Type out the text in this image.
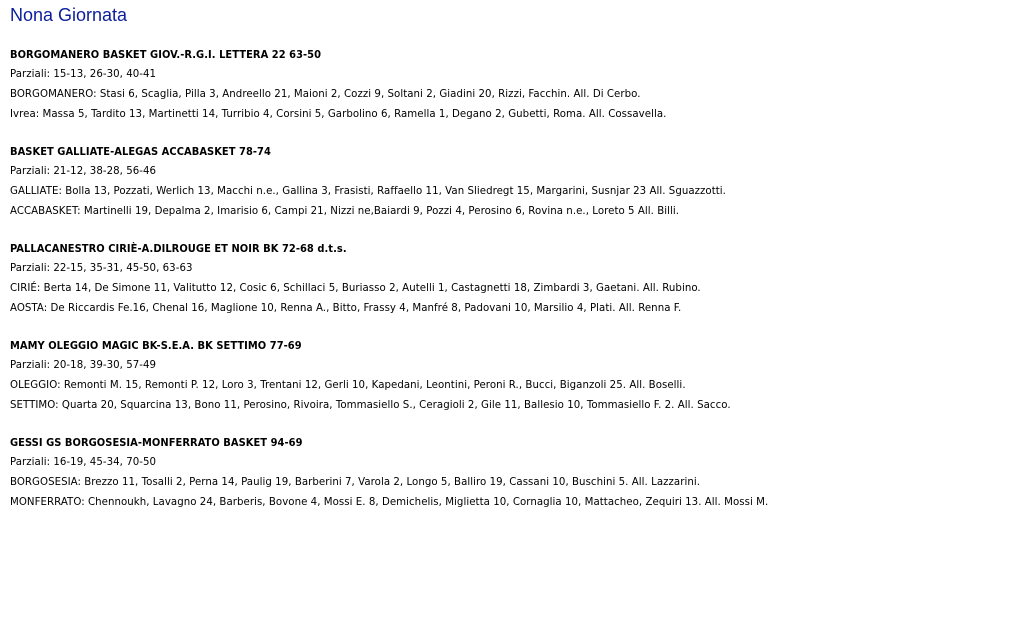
Nona Giornata
BORGOMANERO BASKET GIOV.-R.G.I. LETTERA 22 63-50
Parziali: 15-13, 26-30, 40-41
BORGOMANERO: Stasi 6, Scaglia, Pilla 3, Andreello 21, Maioni 2, Cozzi 9, Soltani 2, Giadini 20, Rizzi, Facchin. All. Di Cerbo.
Ivrea: Massa 5, Tardito 13, Martinetti 14, Turribio 4, Corsini 5, Garbolino 6, Ramella 1, Degano 2, Gubetti, Roma. All. Cossavella.
BASKET GALLIATE-ALEGAS ACCABASKET 78-74
Parziali: 21-12, 38-28, 56-46
GALLIATE: Bolla 13, Pozzati, Werlich 13, Macchi n.e., Gallina 3, Frasisti, Raffaello 11, Van Sliedregt 15, Margarini, Susnjar 23 All. Sguazzotti.
ACCABASKET: Martinelli 19, Depalma 2, Imarisio 6, Campi 21, Nizzi ne,Baiardi 9, Pozzi 4, Perosino 6, Rovina n.e., Loreto 5 All. Billi.
PALLACANESTRO CIRIÈ-A.DILROUGE ET NOIR BK 72-68 d.t.s.
Parziali: 22-15, 35-31, 45-50, 63-63
CIRIÉ: Berta 14, De Simone 11, Valitutto 12, Cosic 6, Schillaci 5, Buriasso 2, Autelli 1, Castagnetti 18, Zimbardi 3, Gaetani. All. Rubino.
AOSTA: De Riccardis Fe.16, Chenal 16, Maglione 10, Renna A., Bitto, Frassy 4, Manfré 8, Padovani 10, Marsilio 4, Plati. All. Renna F.
MAMY OLEGGIO MAGIC BK-S.E.A. BK SETTIMO 77-69
Parziali: 20-18, 39-30, 57-49
OLEGGIO: Remonti M. 15, Remonti P. 12, Loro 3, Trentani 12, Gerli 10, Kapedani, Leontini, Peroni R., Bucci, Biganzoli 25. All. Boselli.
SETTIMO: Quarta 20, Squarcina 13, Bono 11, Perosino, Rivoira, Tommasiello S., Ceragioli 2, Gile 11, Ballesio 10, Tommasiello F. 2. All. Sacco.
GESSI GS BORGOSESIA-MONFERRATO BASKET 94-69
Parziali: 16-19, 45-34, 70-50
BORGOSESIA: Brezzo 11, Tosalli 2, Perna 14, Paulig 19, Barberini 7, Varola 2, Longo 5, Balliro 19, Cassani 10, Buschini 5. All. Lazzarini.
MONFERRATO: Chennoukh, Lavagno 24, Barberis, Bovone 4, Mossi E. 8, Demichelis, Miglietta 10, Cornaglia 10, Mattacheo, Zequiri 13. All. Mossi M.
